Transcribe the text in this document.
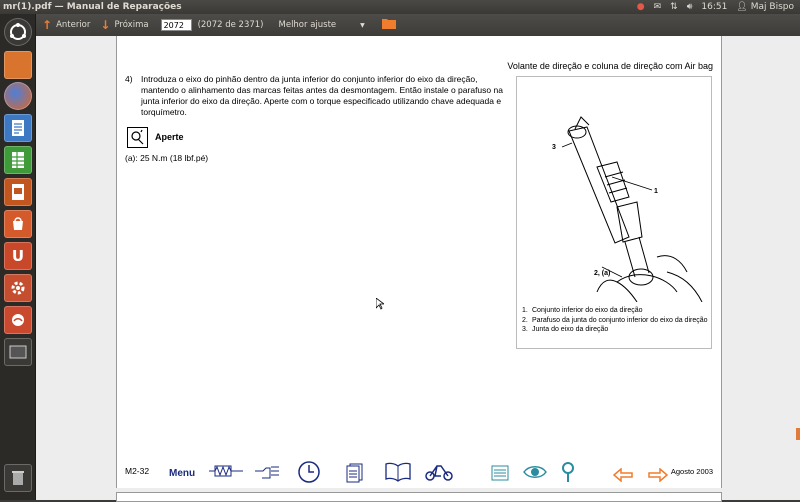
mr(1).pdf — Manual de Reparações	● ✉ ⇅ 🔊︎ 16:51 👤︎ Maj Bispo
U
↑ Anterior ↓ Próxima
2072	(2072 de 2371) Melhor ajuste	▼
Volante de direção e coluna de direção com Air bag
4) Introduza o eixo do pinhão dentro da junta inferior do conjunto inferior do eixo da direção, mantendo o alinhamento das marcas feitas antes da desmontagem. Então instale o parafuso na junta inferior do eixo da direção. Aperte com o torque especificado utilizando chave adequada e torquímetro.
Aperte
(a): 25 N.m (18 lbf.pé)
3
1
2, (a)
1. Conjunto inferior do eixo da direção
2. Parafuso da junta do conjunto inferior do eixo da direção
3. Junta do eixo da direção
M2-32 Menu	Agosto 2003
